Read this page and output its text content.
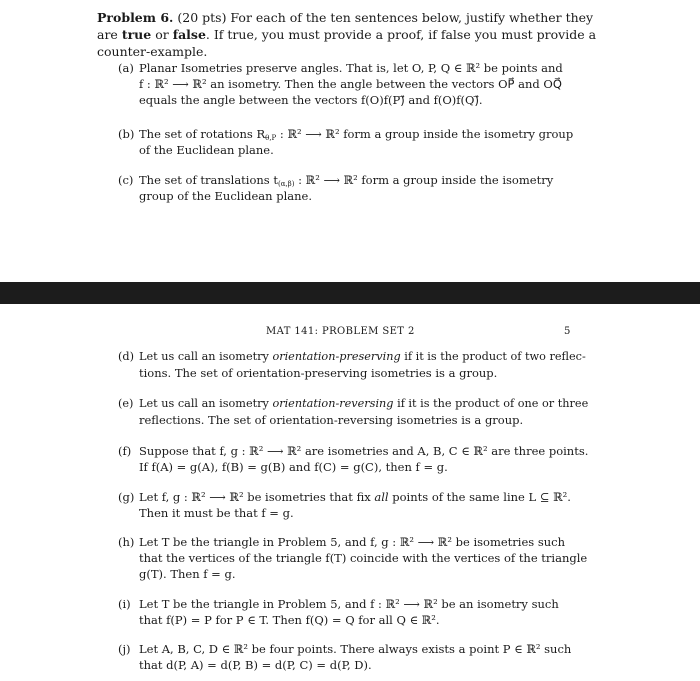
Problem 6. (20 pts) For each of the ten sentences below, justify whether they are true or false. If true, you must provide a proof, if false you must provide a counter-example.
(a) Planar Isometries preserve angles. That is, let O, P, Q ∈ ℝ² be points and
f : ℝ² ⟶ ℝ² an isometry. Then the angle between the vectors OP⃗ and OQ⃗
equals the angle between the vectors f(O)f(P)⃗ and f(O)f(Q)⃗.
(b) The set of rotations $R_{\theta,P}$ : ℝ² ⟶ ℝ² form a group inside the isometry group
of the Euclidean plane.
(c) The set of translations $t_{(\alpha,\beta)}$ : ℝ² ⟶ ℝ² form a group inside the isometry
group of the Euclidean plane.
MAT 141: PROBLEM SET 2	5
(d) Let us call an isometry orientation-preserving if it is the product of two reflec-
tions. The set of orientation-preserving isometries is a group.
(e) Let us call an isometry orientation-reversing if it is the product of one or three
reflections. The set of orientation-reversing isometries is a group.
(f) Suppose that f, g : ℝ² ⟶ ℝ² are isometries and A, B, C ∈ ℝ² are three points.
If f(A) = g(A), f(B) = g(B) and f(C) = g(C), then f = g.
(g) Let f, g : ℝ² ⟶ ℝ² be isometries that fix all points of the same line L ⊆ ℝ².
Then it must be that f = g.
(h) Let T be the triangle in Problem 5, and f, g : ℝ² ⟶ ℝ² be isometries such
that the vertices of the triangle f(T) coincide with the vertices of the triangle
g(T). Then f = g.
(i) Let T be the triangle in Problem 5, and f : ℝ² ⟶ ℝ² be an isometry such
that f(P) = P for P ∈ T. Then f(Q) = Q for all Q ∈ ℝ².
(j) Let A, B, C, D ∈ ℝ² be four points. There always exists a point P ∈ ℝ² such
that d(P, A) = d(P, B) = d(P, C) = d(P, D).
